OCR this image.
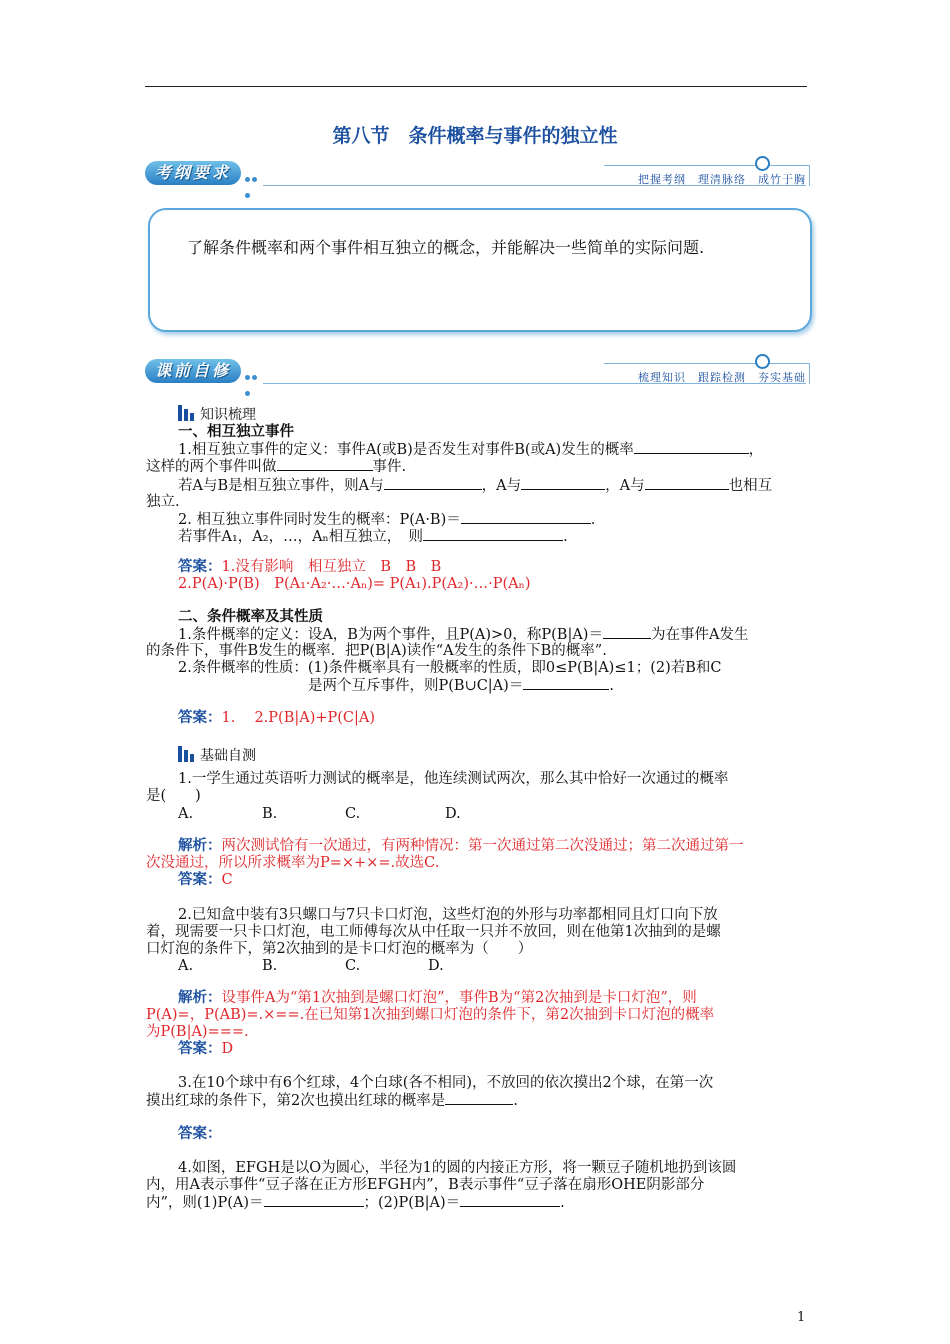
第八节　条件概率与事件的独立性
考纲要求	把握考纲　理清脉络　成竹于胸

了解条件概率和两个事件相互独立的概念，并能解决一些简单的实际问题.

课前自修	梳理知识　跟踪检测　夯实基础
知识梳理
一、相互独立事件
1.相互独立事件的定义：事件A(或B)是否发生对事件B(或A)发生的概率	，
这样的两个事件叫做	事件.
若A与B是相互独立事件，则A与	，A与	，A与	也相互
独立.
2. 相互独立事件同时发生的概率：P(A·B)＝	.
若事件A₁，A₂，…，Aₙ相互独立，　则	.
答案：1.没有影响　相互独立　B　B　B
2.P(A)·P(B)　P(A₁·A₂·…·Aₙ)= P(A₁).P(A₂)·…·P(Aₙ)
二、条件概率及其性质
1.条件概率的定义：设A，B为两个事件，且P(A)>0，称P(B|A)＝	为在事件A发生
的条件下，事件B发生的概率．把P(B|A)读作“A发生的条件下B的概率”.
2.条件概率的性质：(1)条件概率具有一般概率的性质，即0≤P(B|A)≤1；(2)若B和C
是两个互斥事件，则P(B∪C|A)＝	.
答案：1.　 2.P(B|A)+P(C|A)
基础自测
1.一学生通过英语听力测试的概率是，他连续测试两次，那么其中恰好一次通过的概率
是(　　)
A.	B.	C.	D.
解析：两次测试恰有一次通过，有两种情况：第一次通过第二次没通过；第二次通过第一
次没通过，所以所求概率为P=×+×=.故选C.
答案：C
2.已知盒中装有3只螺口与7只卡口灯泡，这些灯泡的外形与功率都相同且灯口向下放
着，现需要一只卡口灯泡，电工师傅每次从中任取一只并不放回，则在他第1次抽到的是螺
口灯泡的条件下，第2次抽到的是卡口灯泡的概率为（　　）
A.	B.	C.	D.
解析：设事件A为“第1次抽到是螺口灯泡”，事件B为“第2次抽到是卡口灯泡”，则
P(A)=，P(AB)=.×==.在已知第1次抽到螺口灯泡的条件下，第2次抽到卡口灯泡的概率
为P(B|A)===.
答案：D
3.在10个球中有6个红球，4个白球(各不相同)，不放回的依次摸出2个球，在第一次
摸出红球的条件下，第2次也摸出红球的概率是	.
答案：
4.如图，EFGH是以O为圆心，半径为1的圆的内接正方形，将一颗豆子随机地扔到该圆
内，用A表示事件“豆子落在正方形EFGH内”，B表示事件“豆子落在扇形OHE阴影部分
内”，则(1)P(A)＝	；(2)P(B|A)＝	.
1
